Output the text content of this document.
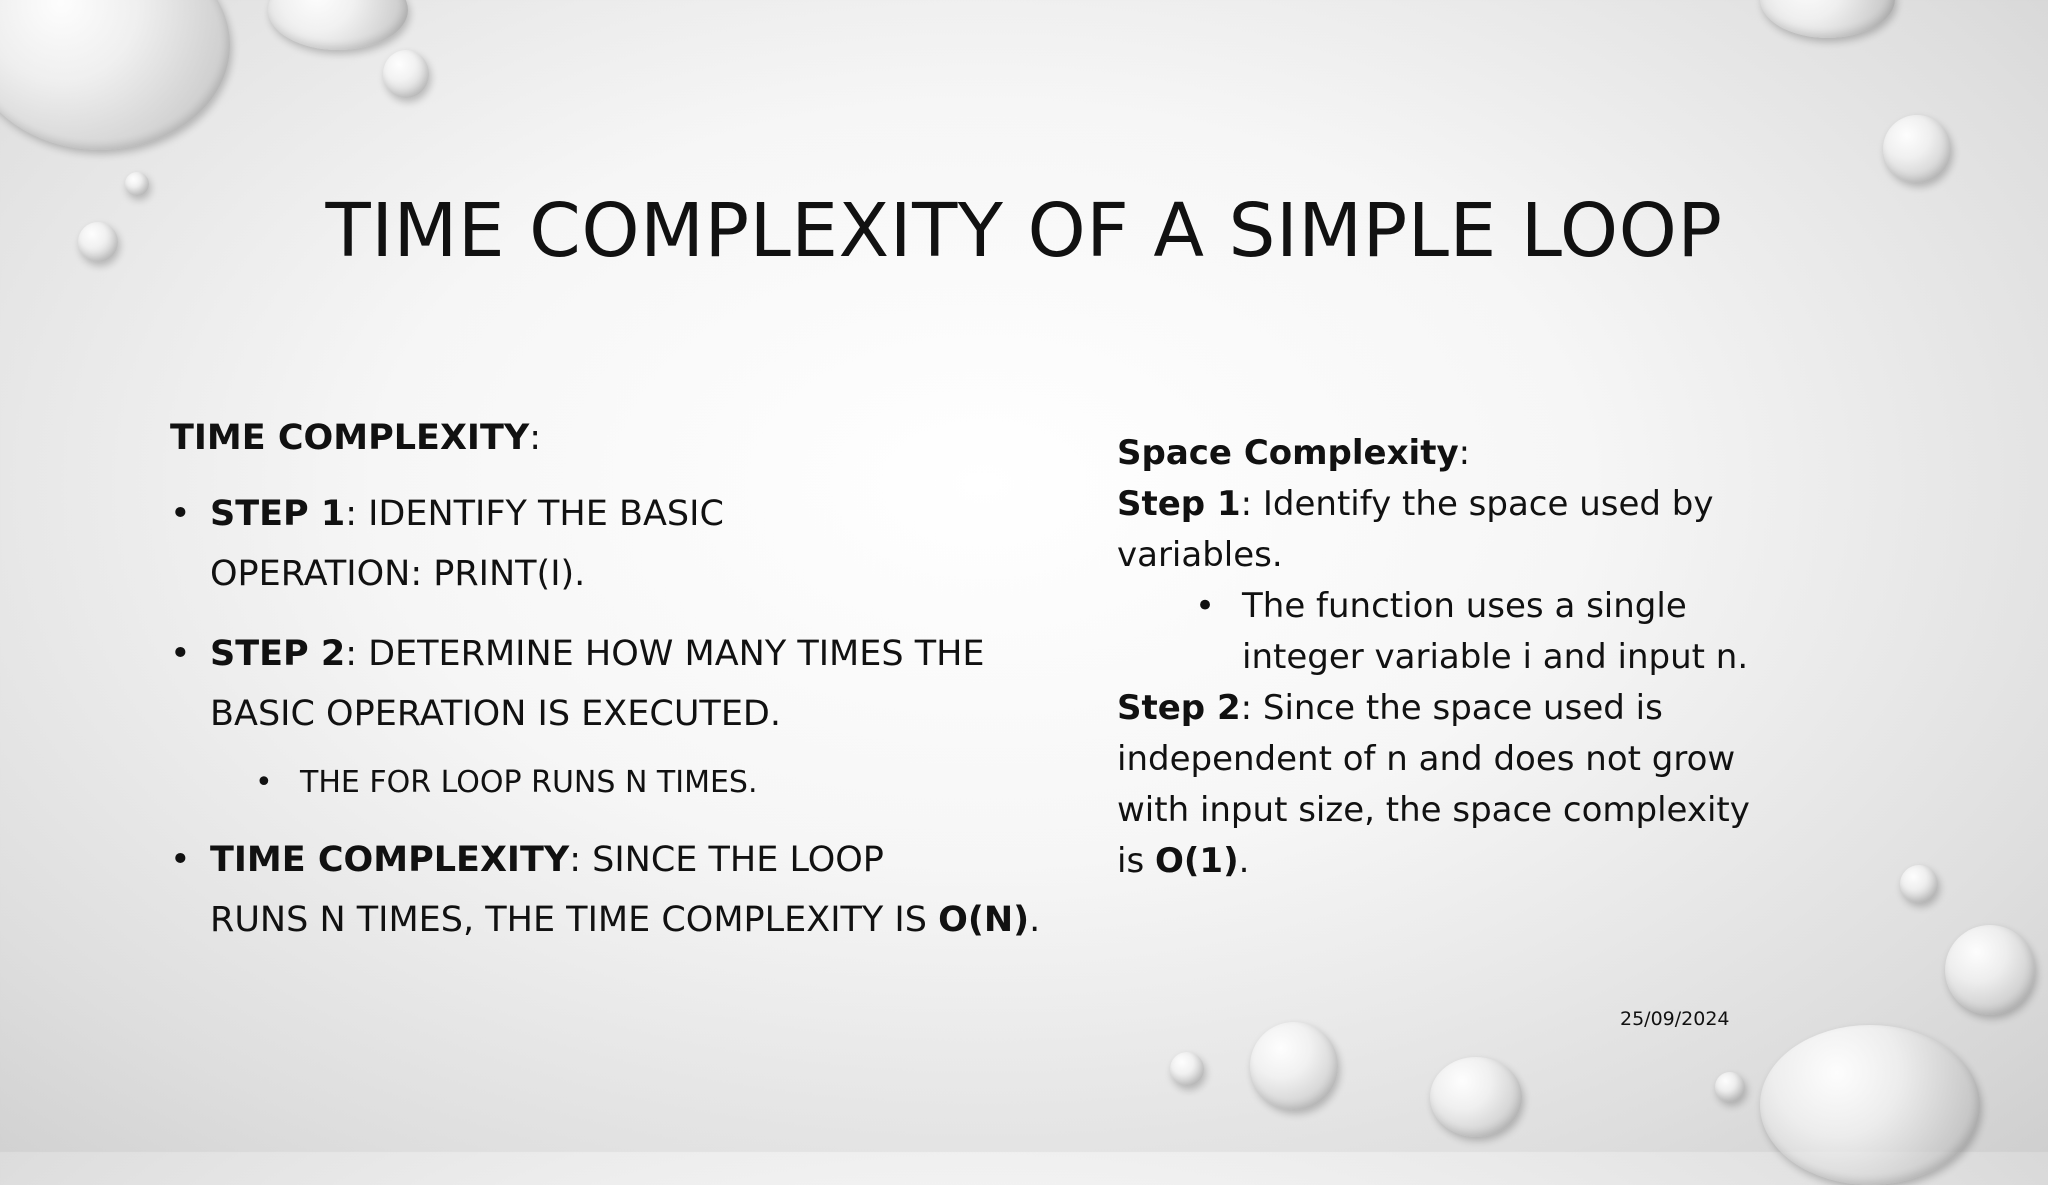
TIME COMPLEXITY OF A SIMPLE LOOP
TIME COMPLEXITY:
• STEP 1: IDENTIFY THE BASIC
OPERATION: PRINT(I).
• STEP 2: DETERMINE HOW MANY TIMES THE
BASIC OPERATION IS EXECUTED.
• THE FOR LOOP RUNS N TIMES.
• TIME COMPLEXITY: SINCE THE LOOP
RUNS N TIMES, THE TIME COMPLEXITY IS O(N).
Space Complexity:
Step 1: Identify the space used by
variables.
• The function uses a single
integer variable i and input n.
Step 2: Since the space used is
independent of n and does not grow
with input size, the space complexity
is O(1).
25/09/2024
